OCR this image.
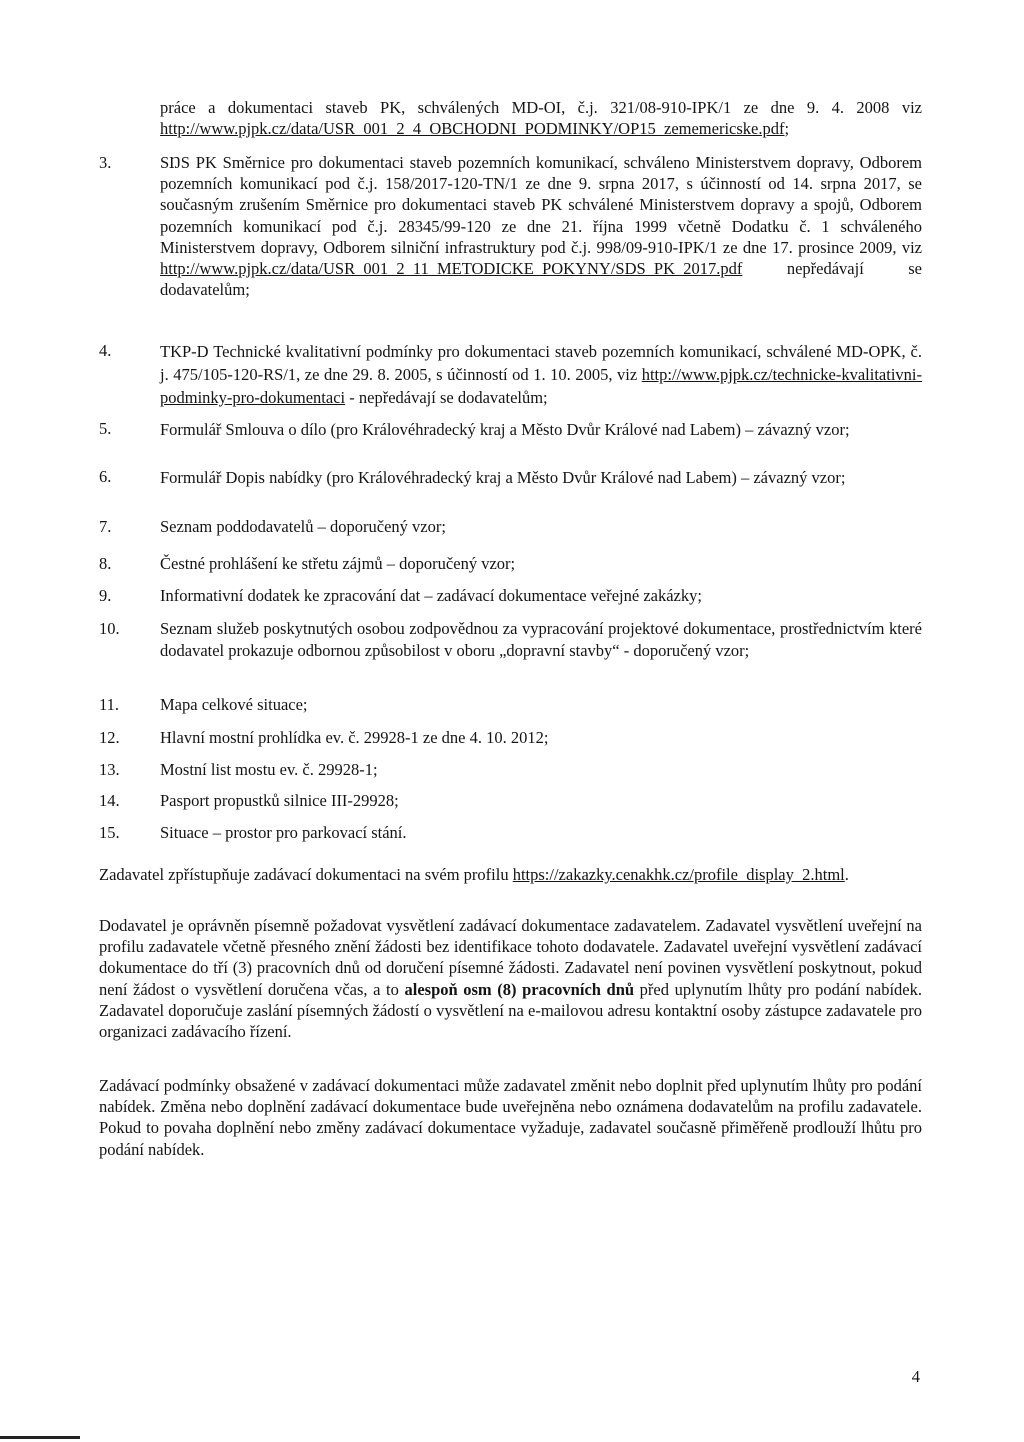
práce a dokumentaci staveb PK, schválených MD-OI, č.j. 321/08-910-IPK/1 ze dne 9. 4. 2008 viz http://www.pjpk.cz/data/USR_001_2_4_OBCHODNI_PODMINKY/OP15_zememericske.pdf;
3.	SŊS PK Směrnice pro dokumentaci staveb pozemních komunikací, schváleno Ministerstvem dopravy, Odborem pozemních komunikací pod č.j. 158/2017-120-TN/1 ze dne 9. srpna 2017, s účinností od 14. srpna 2017, se současným zrušením Směrnice pro dokumentaci staveb PK schválené Ministerstvem dopravy a spojů, Odborem pozemních komunikací pod č.j. 28345/99-120 ze dne 21. října 1999 včetně Dodatku č. 1 schváleného Ministerstvem dopravy, Odborem silniční infrastruktury pod č.j. 998/09-910-IPK/1 ze dne 17. prosince 2009, viz http://www.pjpk.cz/data/USR_001_2_11_METODICKE_POKYNY/SDS_PK_2017.pdf nepředávají se dodavatelům;
4.	TKP-D Technické kvalitativní podmínky pro dokumentaci staveb pozemních komunikací, schválené MD-OPK, č. j. 475/105-120-RS/1, ze dne 29. 8. 2005, s účinností od 1. 10. 2005, viz http://www.pjpk.cz/technicke-kvalitativni-podminky-pro-dokumentaci - nepředávají se dodavatelům;
5.	Formulář Smlouva o dílo (pro Královéhradecký kraj a Město Dvůr Králové nad Labem) – závazný vzor;
6.	Formulář Dopis nabídky (pro Královéhradecký kraj a Město Dvůr Králové nad Labem) – závazný vzor;
7.	Seznam poddodavatelů – doporučený vzor;
8.	Čestné prohlášení ke střetu zájmů – doporučený vzor;
9.	Informativní dodatek ke zpracování dat – zadávací dokumentace veřejné zakázky;
10.	Seznam služeb poskytnutých osobou zodpovědnou za vypracování projektové dokumentace, prostřednictvím které dodavatel prokazuje odbornou způsobilost v oboru „dopravní stavby“ - doporučený vzor;
11.	Mapa celkové situace;
12.	Hlavní mostní prohlídka ev. č. 29928-1 ze dne 4. 10. 2012;
13.	Mostní list mostu ev. č. 29928-1;
14.	Pasport propustků silnice III-29928;
15.	Situace – prostor pro parkovací stání.
Zadavatel zpřístupňuje zadávací dokumentaci na svém profilu https://zakazky.cenakhk.cz/profile_display_2.html.
Dodavatel je oprávněn písemně požadovat vysvětlení zadávací dokumentace zadavatelem. Zadavatel vysvětlení uveřejní na profilu zadavatele včetně přesného znění žádosti bez identifikace tohoto dodavatele. Zadavatel uveřejní vysvětlení zadávací dokumentace do tří (3) pracovních dnů od doručení písemné žádosti. Zadavatel není povinen vysvětlení poskytnout, pokud není žádost o vysvětlení doručena včas, a to alespoň osm (8) pracovních dnů před uplynutím lhůty pro podání nabídek. Zadavatel doporučuje zaslání písemných žádostí o vysvětlení na e-mailovou adresu kontaktní osoby zástupce zadavatele pro organizaci zadávacího řízení.
Zadávací podmínky obsažené v zadávací dokumentaci může zadavatel změnit nebo doplnit před uplynutím lhůty pro podání nabídek. Změna nebo doplnění zadávací dokumentace bude uveřejněna nebo oznámena dodavatelům na profilu zadavatele. Pokud to povaha doplnění nebo změny zadávací dokumentace vyžaduje, zadavatel současně přiměřeně prodlouží lhůtu pro podání nabídek.
4
